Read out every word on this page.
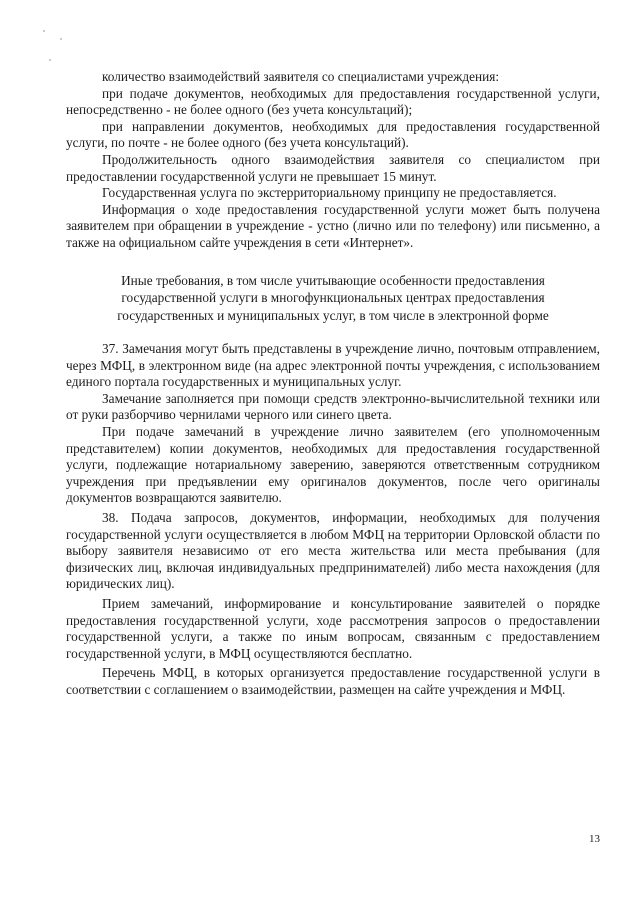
количество взаимодействий заявителя со специалистами учреждения:

при подаче документов, необходимых для предоставления государственной услуги, непосредственно - не более одного (без учета консультаций);

при направлении документов, необходимых для предоставления государственной услуги, по почте - не более одного (без учета консультаций).

Продолжительность одного взаимодействия заявителя со специалистом при предоставлении государственной услуги не превышает 15 минут.

Государственная услуга по экстерриториальному принципу не предоставляется.

Информация о ходе предоставления государственной услуги может быть получена заявителем при обращении в учреждение - устно (лично или по телефону) или письменно, а также на официальном сайте учреждения в сети «Интернет».

Иные требования, в том числе учитывающие особенности предоставления
государственной услуги в многофункциональных центрах предоставления
государственных и муниципальных услуг, в том числе в электронной форме

37. Замечания могут быть представлены в учреждение лично, почтовым отправлением, через МФЦ, в электронном виде (на адрес электронной почты учреждения, с использованием единого портала государственных и муниципальных услуг.

Замечание заполняется при помощи средств электронно-вычислительной техники или от руки разборчиво чернилами черного или синего цвета.

При подаче замечаний в учреждение лично заявителем (его уполномоченным представителем) копии документов, необходимых для предоставления государственной услуги, подлежащие нотариальному заверению, заверяются ответственным сотрудником учреждения при предъявлении ему оригиналов документов, после чего оригиналы документов возвращаются заявителю.

38. Подача запросов, документов, информации, необходимых для получения государственной услуги осуществляется в любом МФЦ на территории Орловской области по выбору заявителя независимо от его места жительства или места пребывания (для физических лиц, включая индивидуальных предпринимателей) либо места нахождения (для юридических лиц).

Прием замечаний, информирование и консультирование заявителей о порядке предоставления государственной услуги, ходе рассмотрения запросов о предоставлении государственной услуги, а также по иным вопросам, связанным с предоставлением государственной услуги, в МФЦ осуществляются бесплатно.

Перечень МФЦ, в которых организуется предоставление государственной услуги в соответствии с соглашением о взаимодействии, размещен на сайте учреждения и МФЦ.

13
